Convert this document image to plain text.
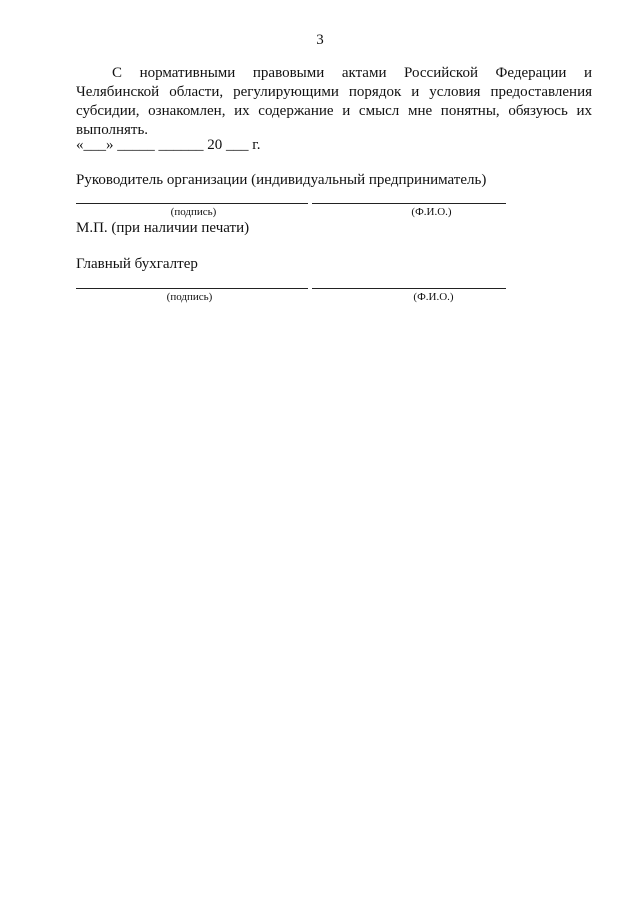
3

С нормативными правовыми актами Российской Федерации и Челябинской области, регулирующими порядок и условия предоставления субсидии, ознакомлен, их содержание и смысл мне понятны, обязуюсь их выполнять.

«___» _____ ______ 20 ___ г.
Руководитель организации (индивидуальный предприниматель)
(подпись)	(Ф.И.О.)
М.П. (при наличии печати)
Главный бухгалтер
(подпись)	(Ф.И.О.)
